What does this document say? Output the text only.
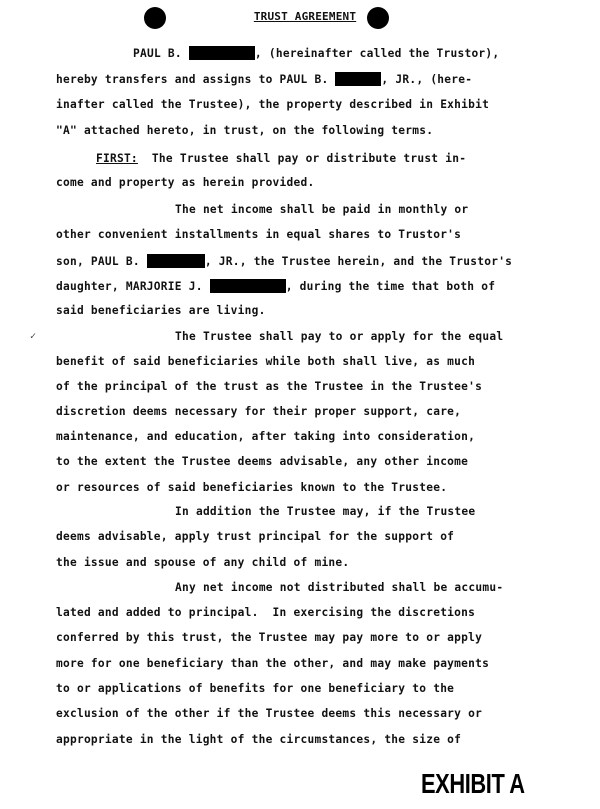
TRUST AGREEMENT
PAUL B.	, (hereinafter called the Trustor),
hereby transfers and assigns to PAUL B.	, JR., (here-
inafter called the Trustee), the property described in Exhibit
"A" attached hereto, in trust, on the following terms.
FIRST:  The Trustee shall pay or distribute trust in-
come and property as herein provided.
The net income shall be paid in monthly or
other convenient installments in equal shares to Trustor's
son, PAUL B.	, JR., the Trustee herein, and the Trustor's
daughter, MARJORIE J.	, during the time that both of
said beneficiaries are living.
The Trustee shall pay to or apply for the equal
benefit of said beneficiaries while both shall live, as much
of the principal of the trust as the Trustee in the Trustee's
discretion deems necessary for their proper support, care,
maintenance, and education, after taking into consideration,
to the extent the Trustee deems advisable, any other income
or resources of said beneficiaries known to the Trustee.
In addition the Trustee may, if the Trustee
deems advisable, apply trust principal for the support of
the issue and spouse of any child of mine.
Any net income not distributed shall be accumu-
lated and added to principal.  In exercising the discretions
conferred by this trust, the Trustee may pay more to or apply
more for one beneficiary than the other, and may make payments
to or applications of benefits for one beneficiary to the
exclusion of the other if the Trustee deems this necessary or
appropriate in the light of the circumstances, the size of
✓
EXHIBIT A
